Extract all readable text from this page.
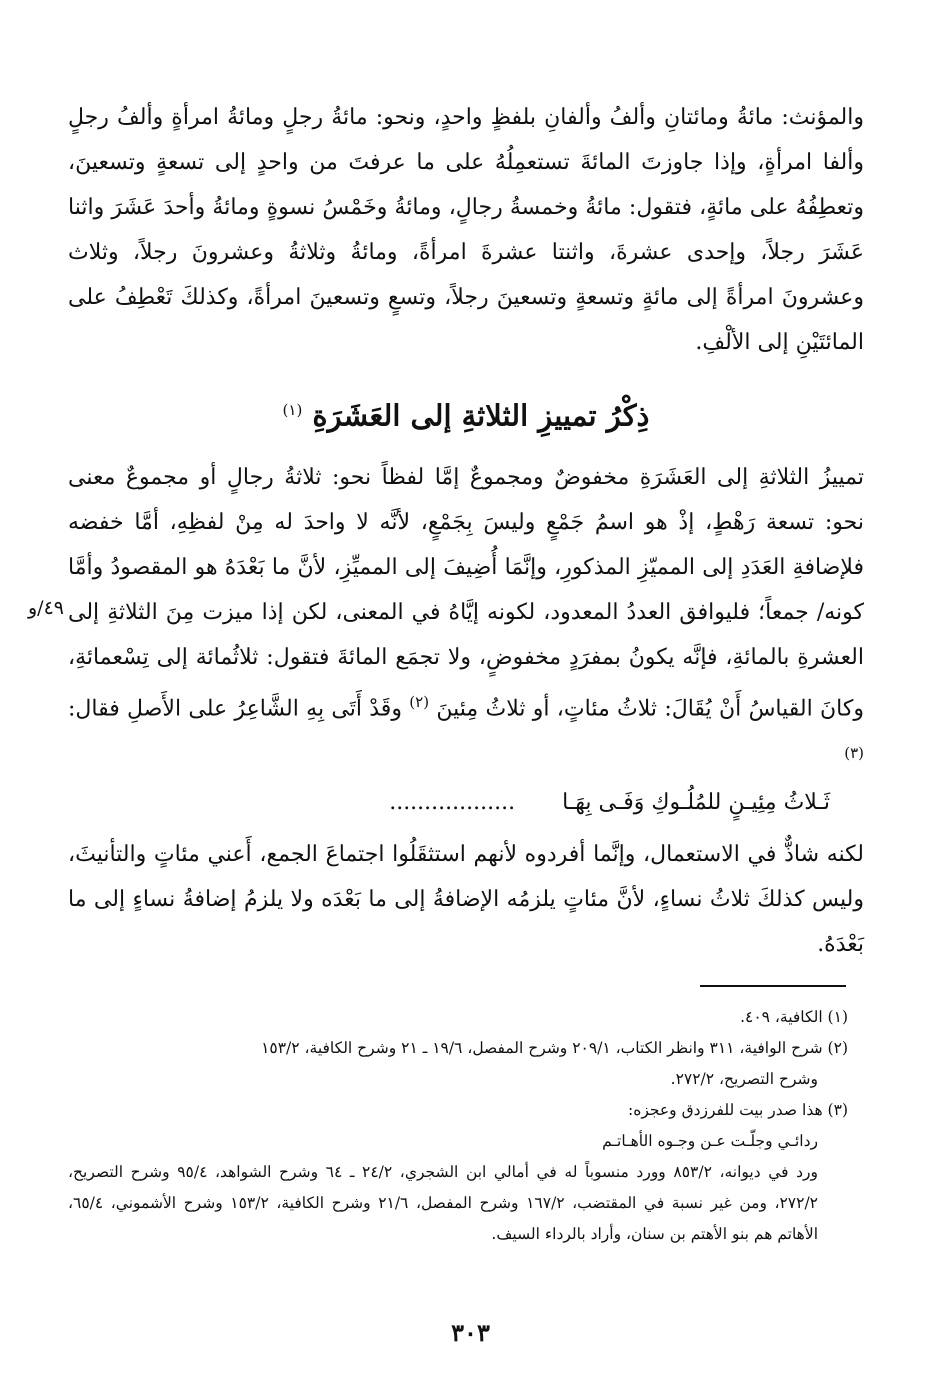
والمؤنث: مائةُ ومائتانِ وألفُ وألفانِ بلفظٍ واحدٍ، ونحو: مائةُ رجلٍ ومائةُ امرأةٍ وألفُ رجلٍ وألفا امرأةٍ، وإذا جاوزتَ المائةَ تستعمِلُهُ على ما عرفتَ من واحدٍ إلى تسعةٍ وتسعينَ، وتعطِفُهُ على مائةٍ، فتقول: مائةُ وخمسةُ رجالٍ، ومائةُ وخَمْسُ نسوةٍ ومائةُ وأحدَ عَشَرَ واثنا عَشَرَ رجلاً، وإحدى عشرةَ، واثنتا عشرةَ امرأةً، ومائةُ وثلاثةُ وعشرونَ رجلاً، وثلاث وعشرونَ امرأةً إلى مائةٍ وتسعةٍ وتسعينَ رجلاً، وتسعٍ وتسعينَ امرأةً، وكذلكَ تَعْطِفُ على المائتَيْنِ إلى الألْفِ.
ذِكْرُ تمييزِ الثلاثةِ إلى العَشَرَةِ $^{(١)}$
تمييزُ الثلاثةِ إلى العَشَرَةِ مخفوضٌ ومجموعٌ إمَّا لفظاً نحو: ثلاثةُ رجالٍ أو مجموعٌ معنى نحو: تسعة رَهْطٍ، إذْ هو اسمُ جَمْعٍ وليسَ بِجَمْعٍ، لأنَّه لا واحدَ له مِنْ لفظِهِ، أمَّا خفضه فلإضافةِ العَدَدِ إلى المميّزِ المذكورِ، وإنَّمَا أُضِيفَ إلى المميِّزِ، لأنَّ ما بَعْدَهُ هو المقصودُ وأمَّا كونه/ جمعاً؛ فليوافق العددُ المعدود، لكونه إيَّاهُ في المعنى، لكن إذا ميزت مِنَ الثلاثةِ إلى العشرةِ بالمائةِ، فإنَّه يكونُ بمفرَدٍ مخفوضٍ، ولا تجمَع المائةَ فتقول: ثلاثُمائة إلى تِسْعمائةِ، وكانَ القياسُ أَنْ يُقَالَ: ثلاثُ مئاتٍ، أو ثلاثُ مِئينَ $^{(٢)}$ وقَدْ أَتَى بِهِ الشَّاعِرُ على الأَصلِ فقال: $^{(٣)}$
٤٩/و
ثَـلاثُ مِئِيـنٍ للمُلُـوكِ وَفَـى بِهَـا ..................
لكنه شاذٌّ في الاستعمال، وإنَّما أفردوه لأنهم استثقَلُوا اجتماعَ الجمع، أَعني مئاتٍ والتأنيثَ، وليس كذلكَ ثلاثُ نساءٍ، لأنَّ مئاتٍ يلزمُه الإضافةُ إلى ما بَعْدَه ولا يلزمُ إضافةُ نساءٍ إلى ما بَعْدَهُ.
(١) الكافية، ٤٠٩.
(٢) شرح الوافية، ٣١١ وانظر الكتاب، ٢٠٩/١ وشرح المفصل، ١٩/٦ ـ ٢١ وشرح الكافية، ١٥٣/٢
وشرح التصريح، ٢٧٢/٢.
(٣) هذا صدر بيت للفرزدق وعجزه:
ردائـي وجلّـت عـن وجـوه الأهـاتـم
ورد في ديوانه، ٨٥٣/٢ وورد منسوباً له في أمالي ابن الشجري، ٢٤/٢ ـ ٦٤ وشرح الشواهد، ٩٥/٤ وشرح التصريح، ٢٧٢/٢، ومن غير نسبة في المقتضب، ١٦٧/٢ وشرح المفصل، ٢١/٦ وشرح الكافية، ١٥٣/٢ وشرح الأشموني، ٦٥/٤، الأهاتم هم بنو الأهتم بن سنان، وأراد بالرداء السيف.
٣٠٣
